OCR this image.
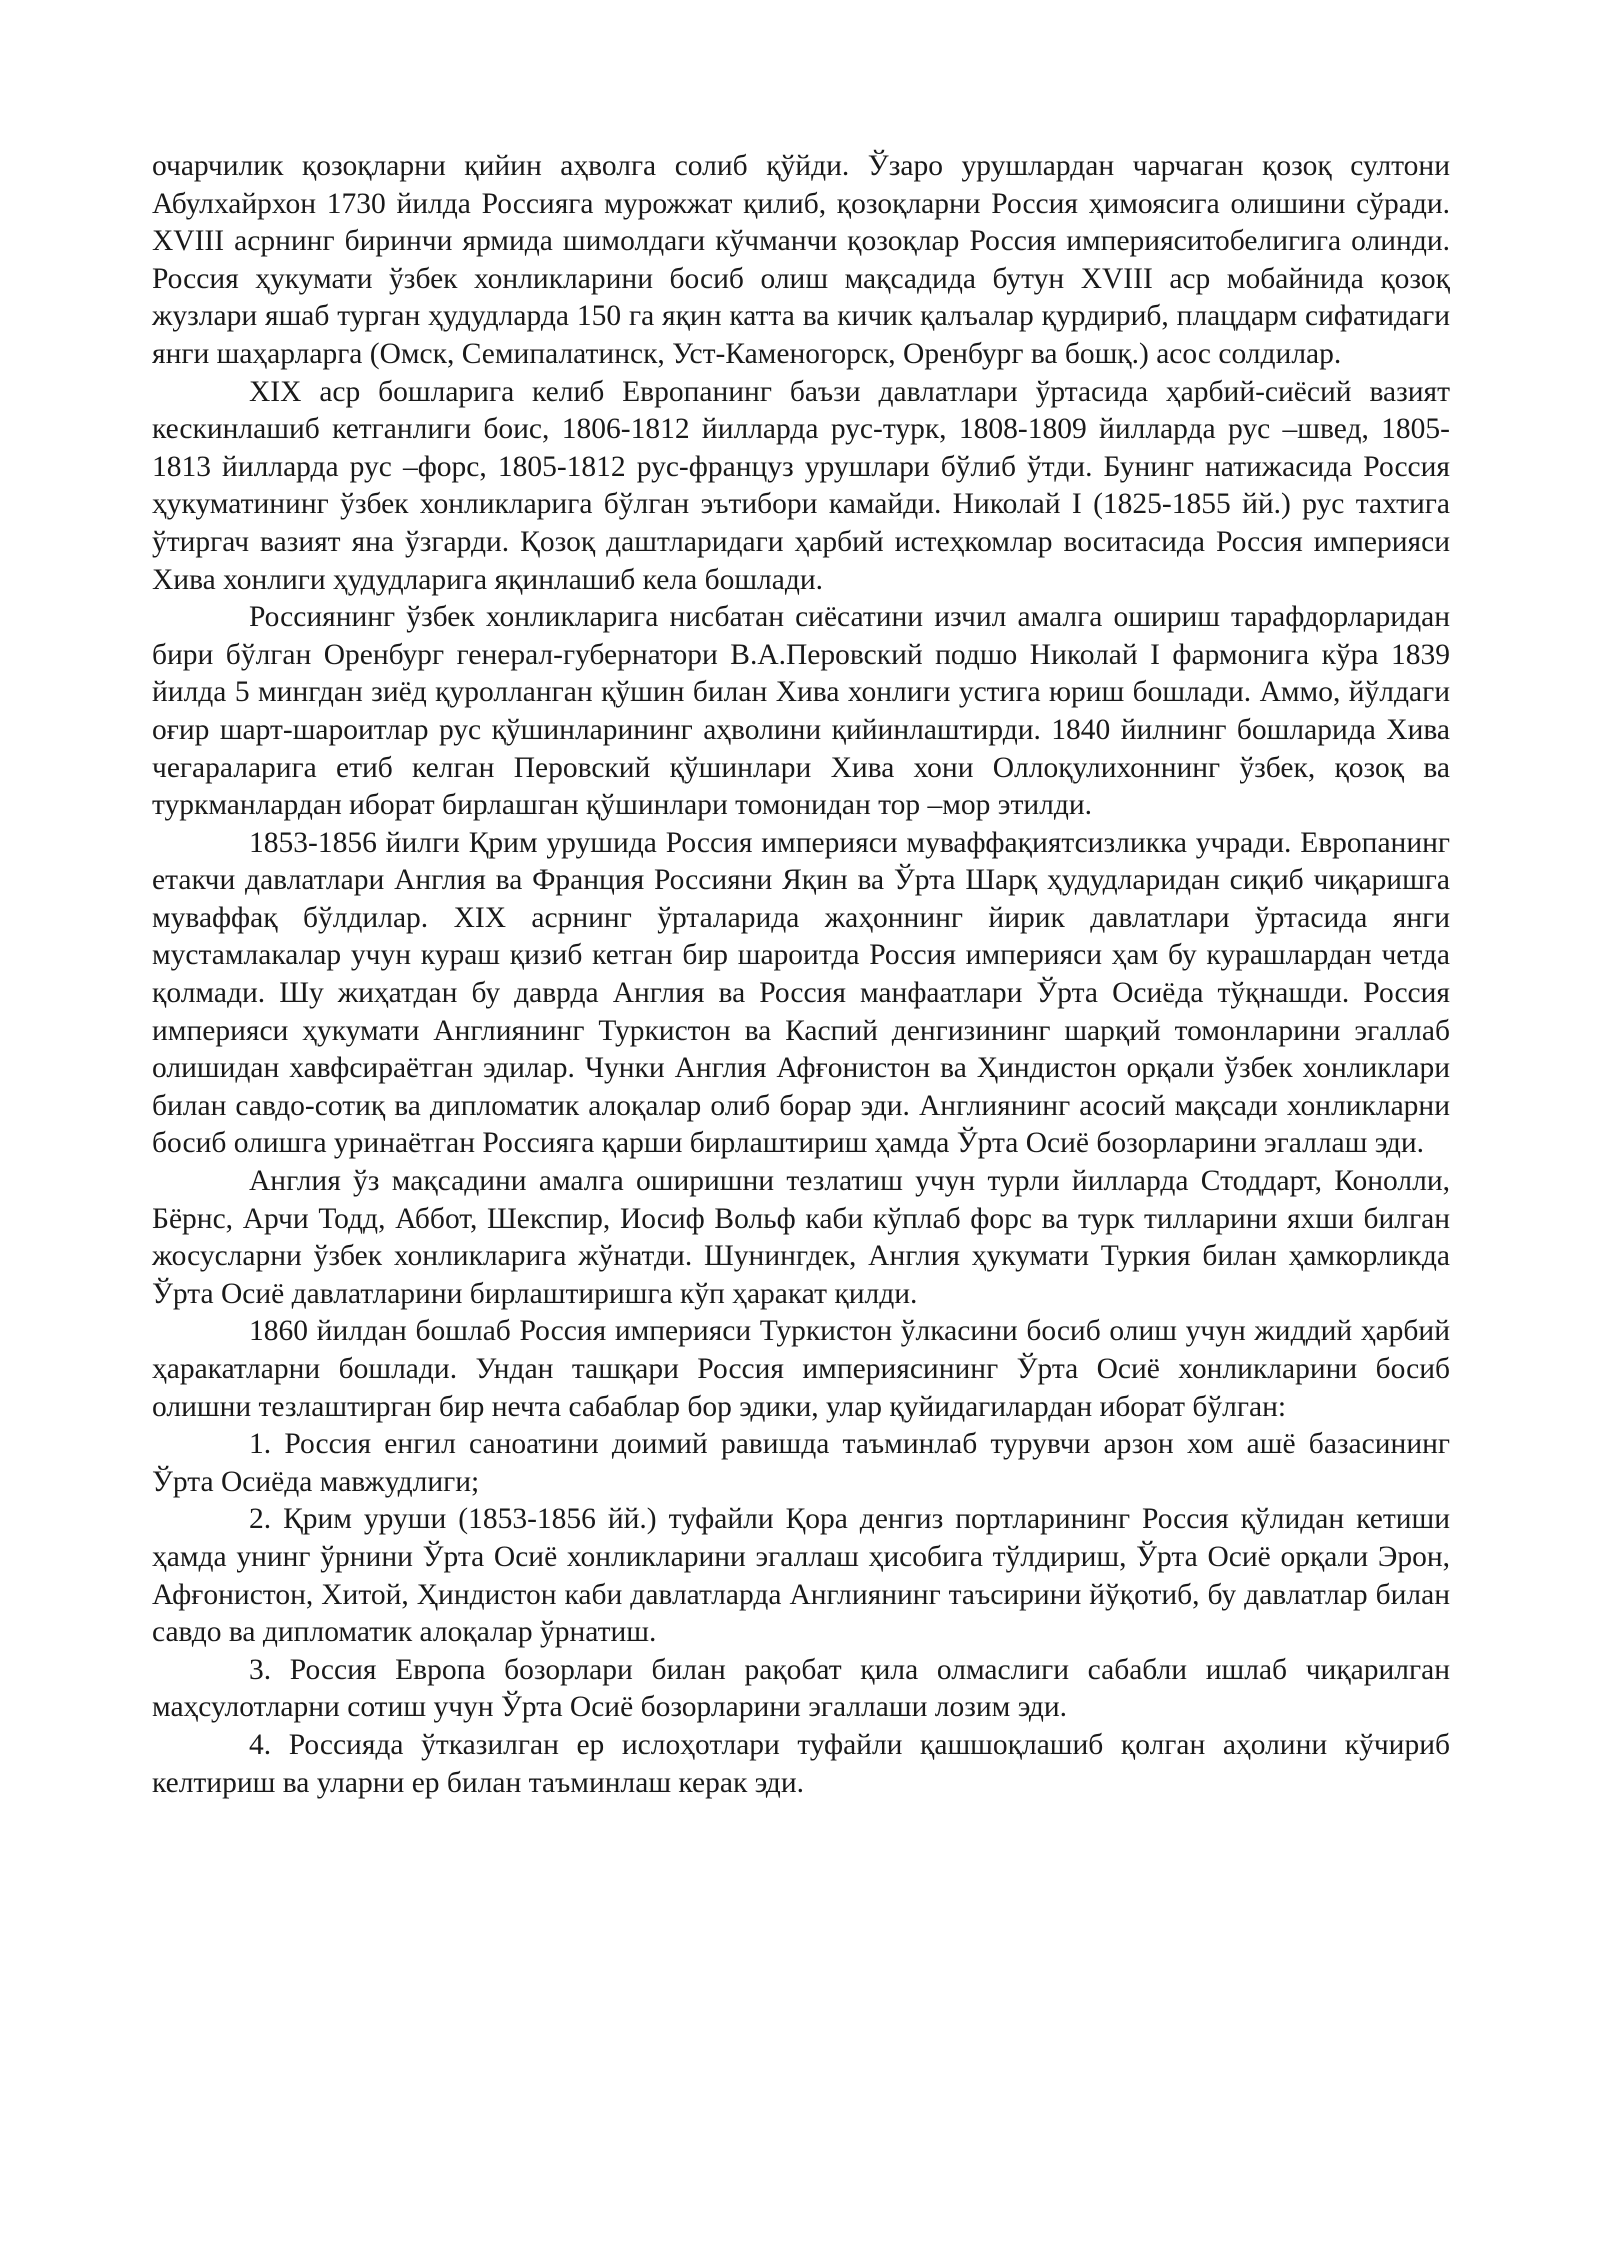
очарчилик қозоқларни қийин аҳволга солиб қўйди. Ўзаро урушлардан чарчаган қозоқ султони Абулхайрхон 1730 йилда Россияга мурожжат қилиб, қозоқларни Россия ҳимоясига олишини сўради. XVIII асрнинг биринчи ярмида шимолдаги кўчманчи қозоқлар Россия империяситобелигига олинди. Россия ҳукумати ўзбек хонликларини босиб олиш мақсадида бутун XVIII аср мобайнида қозоқ жузлари яшаб турган ҳудудларда 150 га яқин катта ва кичик қалъалар қурдириб, плацдарм сифатидаги янги шаҳарларга (Омск, Семипалатинск, Уст-Каменогорск, Оренбург ва бошқ.) асос солдилар.

XIX аср бошларига келиб Европанинг баъзи давлатлари ўртасида ҳарбий-сиёсий вазият кескинлашиб кетганлиги боис, 1806-1812 йилларда рус-турк, 1808-1809 йилларда рус –швед, 1805-1813 йилларда рус –форс, 1805-1812 рус-француз урушлари бўлиб ўтди. Бунинг натижасида Россия ҳукуматининг ўзбек хонликларига бўлган эътибори камайди. Николай I (1825-1855 йй.) рус тахтига ўтиргач вазият яна ўзгарди. Қозоқ даштларидаги ҳарбий истеҳкомлар воситасида Россия империяси Хива хонлиги ҳудудларига яқинлашиб кела бошлади.

Россиянинг ўзбек хонликларига нисбатан сиёсатини изчил амалга ошириш тарафдорларидан бири бўлган Оренбург генерал-губернатори В.А.Перовский подшо Николай I фармонига кўра 1839 йилда 5 мингдан зиёд қуролланган қўшин билан Хива хонлиги устига юриш бошлади. Аммо, йўлдаги оғир шарт-шароитлар рус қўшинларининг аҳволини қийинлаштирди. 1840 йилнинг бошларида Хива чегараларига етиб келган Перовский қўшинлари Хива хони Оллоқулихоннинг ўзбек, қозоқ ва туркманлардан иборат бирлашган қўшинлари томонидан тор –мор этилди.

1853-1856 йилги Қрим урушида Россия империяси муваффақиятсизликка учради. Европанинг етакчи давлатлари Англия ва Франция Россияни Яқин ва Ўрта Шарқ ҳудудларидан сиқиб чиқаришга муваффақ бўлдилар. XIX асрнинг ўрталарида жаҳоннинг йирик давлатлари ўртасида янги мустамлакалар учун кураш қизиб кетган бир шароитда Россия империяси ҳам бу курашлардан четда қолмади. Шу жиҳатдан бу даврда Англия ва Россия манфаатлари Ўрта Осиёда тўқнашди. Россия империяси ҳукумати Англиянинг Туркистон ва Каспий денгизининг шарқий томонларини эгаллаб олишидан хавфсираётган эдилар. Чунки Англия Афғонистон ва Ҳиндистон орқали ўзбек хонликлари билан савдо-сотиқ ва дипломатик алоқалар олиб борар эди. Англиянинг асосий мақсади хонликларни босиб олишга уринаётган Россияга қарши бирлаштириш ҳамда Ўрта Осиё бозорларини эгаллаш эди.

Англия ўз мақсадини амалга оширишни тезлатиш учун турли йилларда Стоддарт, Конолли, Бёрнс, Арчи Тодд, Аббот, Шекспир, Иосиф Вольф каби кўплаб форс ва турк тилларини яхши билган жосусларни ўзбек хонликларига жўнатди. Шунингдек, Англия ҳукумати Туркия билан ҳамкорликда Ўрта Осиё давлатларини бирлаштиришга кўп ҳаракат қилди.

1860 йилдан бошлаб Россия империяси Туркистон ўлкасини босиб олиш учун жиддий ҳарбий ҳаракатларни бошлади. Ундан ташқари Россия империясининг Ўрта Осиё хонликларини босиб олишни тезлаштирган бир нечта сабаблар бор эдики, улар қуйидагилардан иборат бўлган:

1. Россия енгил саноатини доимий равишда таъминлаб турувчи арзон хом ашё базасининг Ўрта Осиёда мавжудлиги;

2. Қрим уруши (1853-1856 йй.) туфайли Қора денгиз портларининг Россия қўлидан кетиши ҳамда унинг ўрнини Ўрта Осиё хонликларини эгаллаш ҳисобига тўлдириш, Ўрта Осиё орқали Эрон, Афғонистон, Хитой, Ҳиндистон каби давлатларда Англиянинг таъсирини йўқотиб, бу давлатлар билан савдо ва дипломатик алоқалар ўрнатиш.

3. Россия Европа бозорлари билан рақобат қила олмаслиги сабабли ишлаб чиқарилган маҳсулотларни сотиш учун Ўрта Осиё бозорларини эгаллаши лозим эди.

4. Россияда ўтказилган ер ислоҳотлари туфайли қашшоқлашиб қолган аҳолини кўчириб келтириш ва уларни ер билан таъминлаш керак эди.
